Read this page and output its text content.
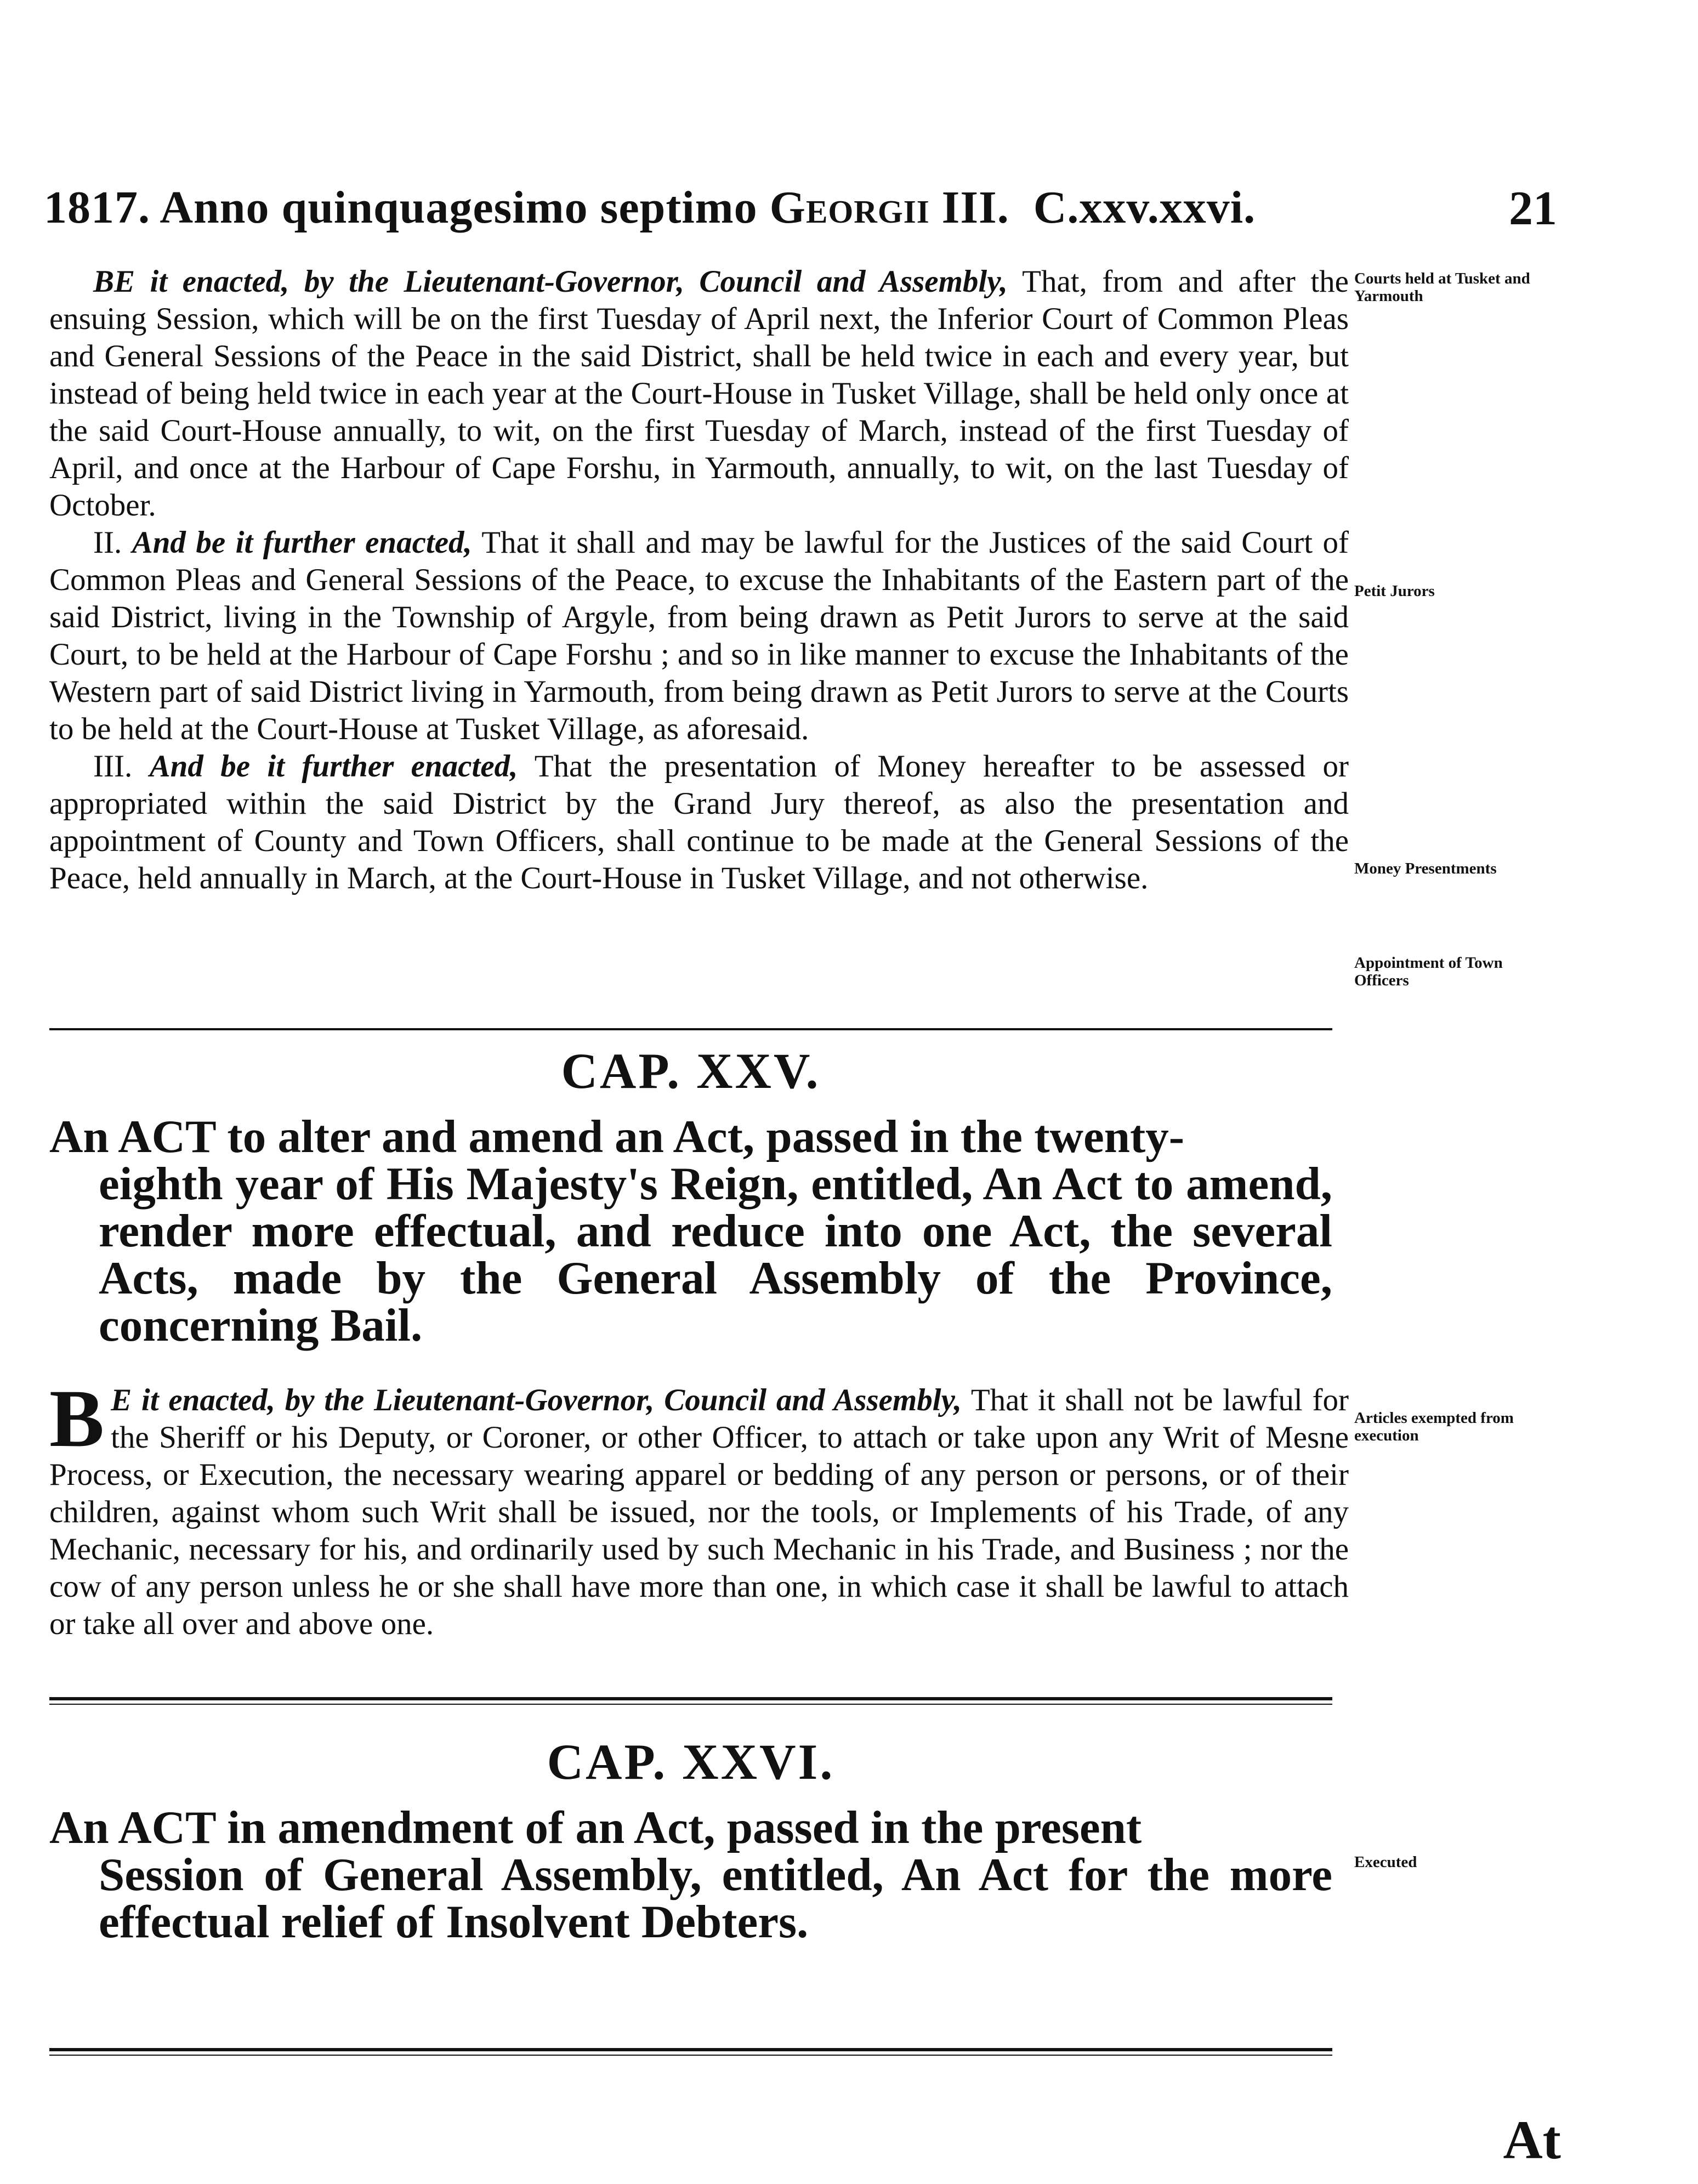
1817. Anno quinquagesimo septimo Georgii III. C.xxv.xxvi.	21

BE it enacted, by the Lieutenant-Governor, Council and Assembly, That, from and after the ensuing Session, which will be on the first Tuesday of April next, the Inferior Court of Common Pleas and General Sessions of the Peace in the said District, shall be held twice in each and every year, but instead of being held twice in each year at the Court-House in Tusket Village, shall be held only once at the said Court-House annually, to wit, on the first Tuesday of March, instead of the first Tuesday of April, and once at the Harbour of Cape Forshu, in Yarmouth, annually, to wit, on the last Tuesday of October.

II. And be it further enacted, That it shall and may be lawful for the Justices of the said Court of Common Pleas and General Sessions of the Peace, to excuse the Inhabitants of the Eastern part of the said District, living in the Township of Argyle, from being drawn as Petit Jurors to serve at the said Court, to be held at the Harbour of Cape Forshu ; and so in like manner to excuse the Inhabitants of the Western part of said District living in Yarmouth, from being drawn as Petit Jurors to serve at the Courts to be held at the Court-House at Tusket Village, as aforesaid.

III. And be it further enacted, That the presentation of Money hereafter to be assessed or appropriated within the said District by the Grand Jury thereof, as also the presentation and appointment of County and Town Officers, shall continue to be made at the General Sessions of the Peace, held annually in March, at the Court-House in Tusket Village, and not otherwise.

Courts held at Tusket and Yarmouth
Petit Jurors
Money Presentments
Appointment of Town Officers
CAP. XXV.
An ACT to alter and amend an Act, passed in the twenty-
eighth year of His Majesty's Reign, entitled, An Act to amend, render more effectual, and reduce into one Act, the several Acts, made by the General Assembly of the Province, concerning Bail.

B E it enacted, by the Lieutenant-Governor, Council and Assembly, That it shall not be lawful for the Sheriff or his Deputy, or Coroner, or other Officer, to attach or take upon any Writ of Mesne Process, or Execution, the necessary wearing apparel or bedding of any person or persons, or of their children, against whom such Writ shall be issued, nor the tools, or Implements of his Trade, of any Mechanic, necessary for his, and ordinarily used by such Mechanic in his Trade, and Business ; nor the cow of any person unless he or she shall have more than one, in which case it shall be lawful to attach or take all over and above one.

Articles exempted from execution
CAP. XXVI.
An ACT in amendment of an Act, passed in the present
Session of General Assembly, entitled, An Act for the more effectual relief of Insolvent Debters.
Executed
At
